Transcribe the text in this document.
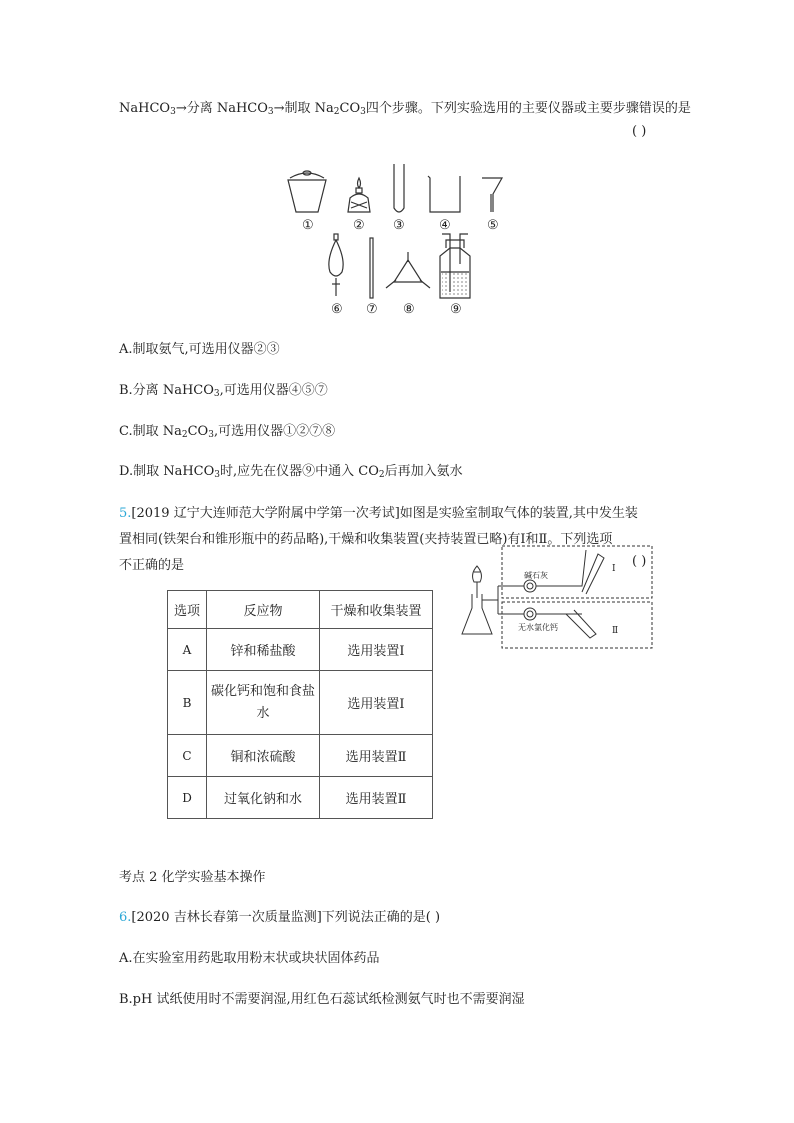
NaHCO$_3$→分离 NaHCO$_3$→制取 $Na_2CO_3$四个步骤。下列实验选用的主要仪器或主要步骤错误的是
( )
①	② ③	④	⑤
⑥ ⑦ ⑧	⑨
A.制取氨气,可选用仪器②③
B.分离 NaHCO$_3$,可选用仪器④⑤⑦
C.制取 $Na_2CO_3$,可选用仪器①②⑦⑧
D.制取 NaHCO$_3$时,应先在仪器⑨中通入 $CO_2$后再加入氨水
5.[2019 辽宁大连师范大学附属中学第一次考试]如图是实验室制取气体的装置,其中发生装
置相同(铁架台和锥形瓶中的药品略),干燥和收集装置(夹持装置已略)有Ⅰ和Ⅱ。下列选项
不正确的是	( )
碱石灰
无水氯化钙
Ⅰ
Ⅱ
选项	反应物	干燥和收集装置
A	锌和稀盐酸	选用装置Ⅰ
B	碳化钙和饱和食盐水	选用装置Ⅰ
C	铜和浓硫酸	选用装置Ⅱ
D	过氧化钠和水	选用装置Ⅱ
考点 2 化学实验基本操作
6.[2020 吉林长春第一次质量监测]下列说法正确的是( )
A.在实验室用药匙取用粉末状或块状固体药品
B.pH 试纸使用时不需要润湿,用红色石蕊试纸检测氨气时也不需要润湿
